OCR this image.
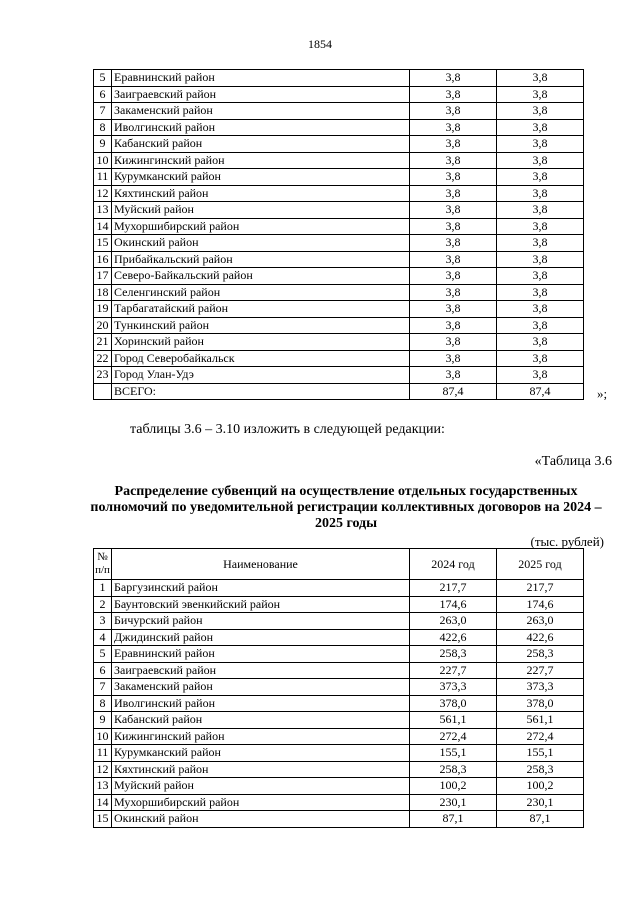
1854
5	Еравнинский район	3,8	3,8
6	Заиграевский район	3,8	3,8
7	Закаменский район	3,8	3,8
8	Иволгинский район	3,8	3,8
9	Кабанский район	3,8	3,8
10	Кижингинский район	3,8	3,8
11	Курумканский район	3,8	3,8
12	Кяхтинский район	3,8	3,8
13	Муйский район	3,8	3,8
14	Мухоршибирский район	3,8	3,8
15	Окинский район	3,8	3,8
16	Прибайкальский район	3,8	3,8
17	Северо-Байкальский район	3,8	3,8
18	Селенгинский район	3,8	3,8
19	Тарбагатайский район	3,8	3,8
20	Тункинский район	3,8	3,8
21	Хоринский район	3,8	3,8
22	Город Северобайкальск	3,8	3,8
23	Город Улан-Удэ	3,8	3,8
	ВСЕГО:	87,4	87,4	»;
таблицы 3.6 – 3.10 изложить в следующей редакции:
«Таблица 3.6
Распределение субвенций на осуществление отдельных государственных полномочий по уведомительной регистрации коллективных договоров на 2024 – 2025 годы
(тыс. рублей)
№ п/п	Наименование	2024 год	2025 год
1	Баргузинский район	217,7	217,7
2	Баунтовский эвенкийский район	174,6	174,6
3	Бичурский район	263,0	263,0
4	Джидинский район	422,6	422,6
5	Еравнинский район	258,3	258,3
6	Заиграевский район	227,7	227,7
7	Закаменский район	373,3	373,3
8	Иволгинский район	378,0	378,0
9	Кабанский район	561,1	561,1
10	Кижингинский район	272,4	272,4
11	Курумканский район	155,1	155,1
12	Кяхтинский район	258,3	258,3
13	Муйский район	100,2	100,2
14	Мухоршибирский район	230,1	230,1
15	Окинский район	87,1	87,1
